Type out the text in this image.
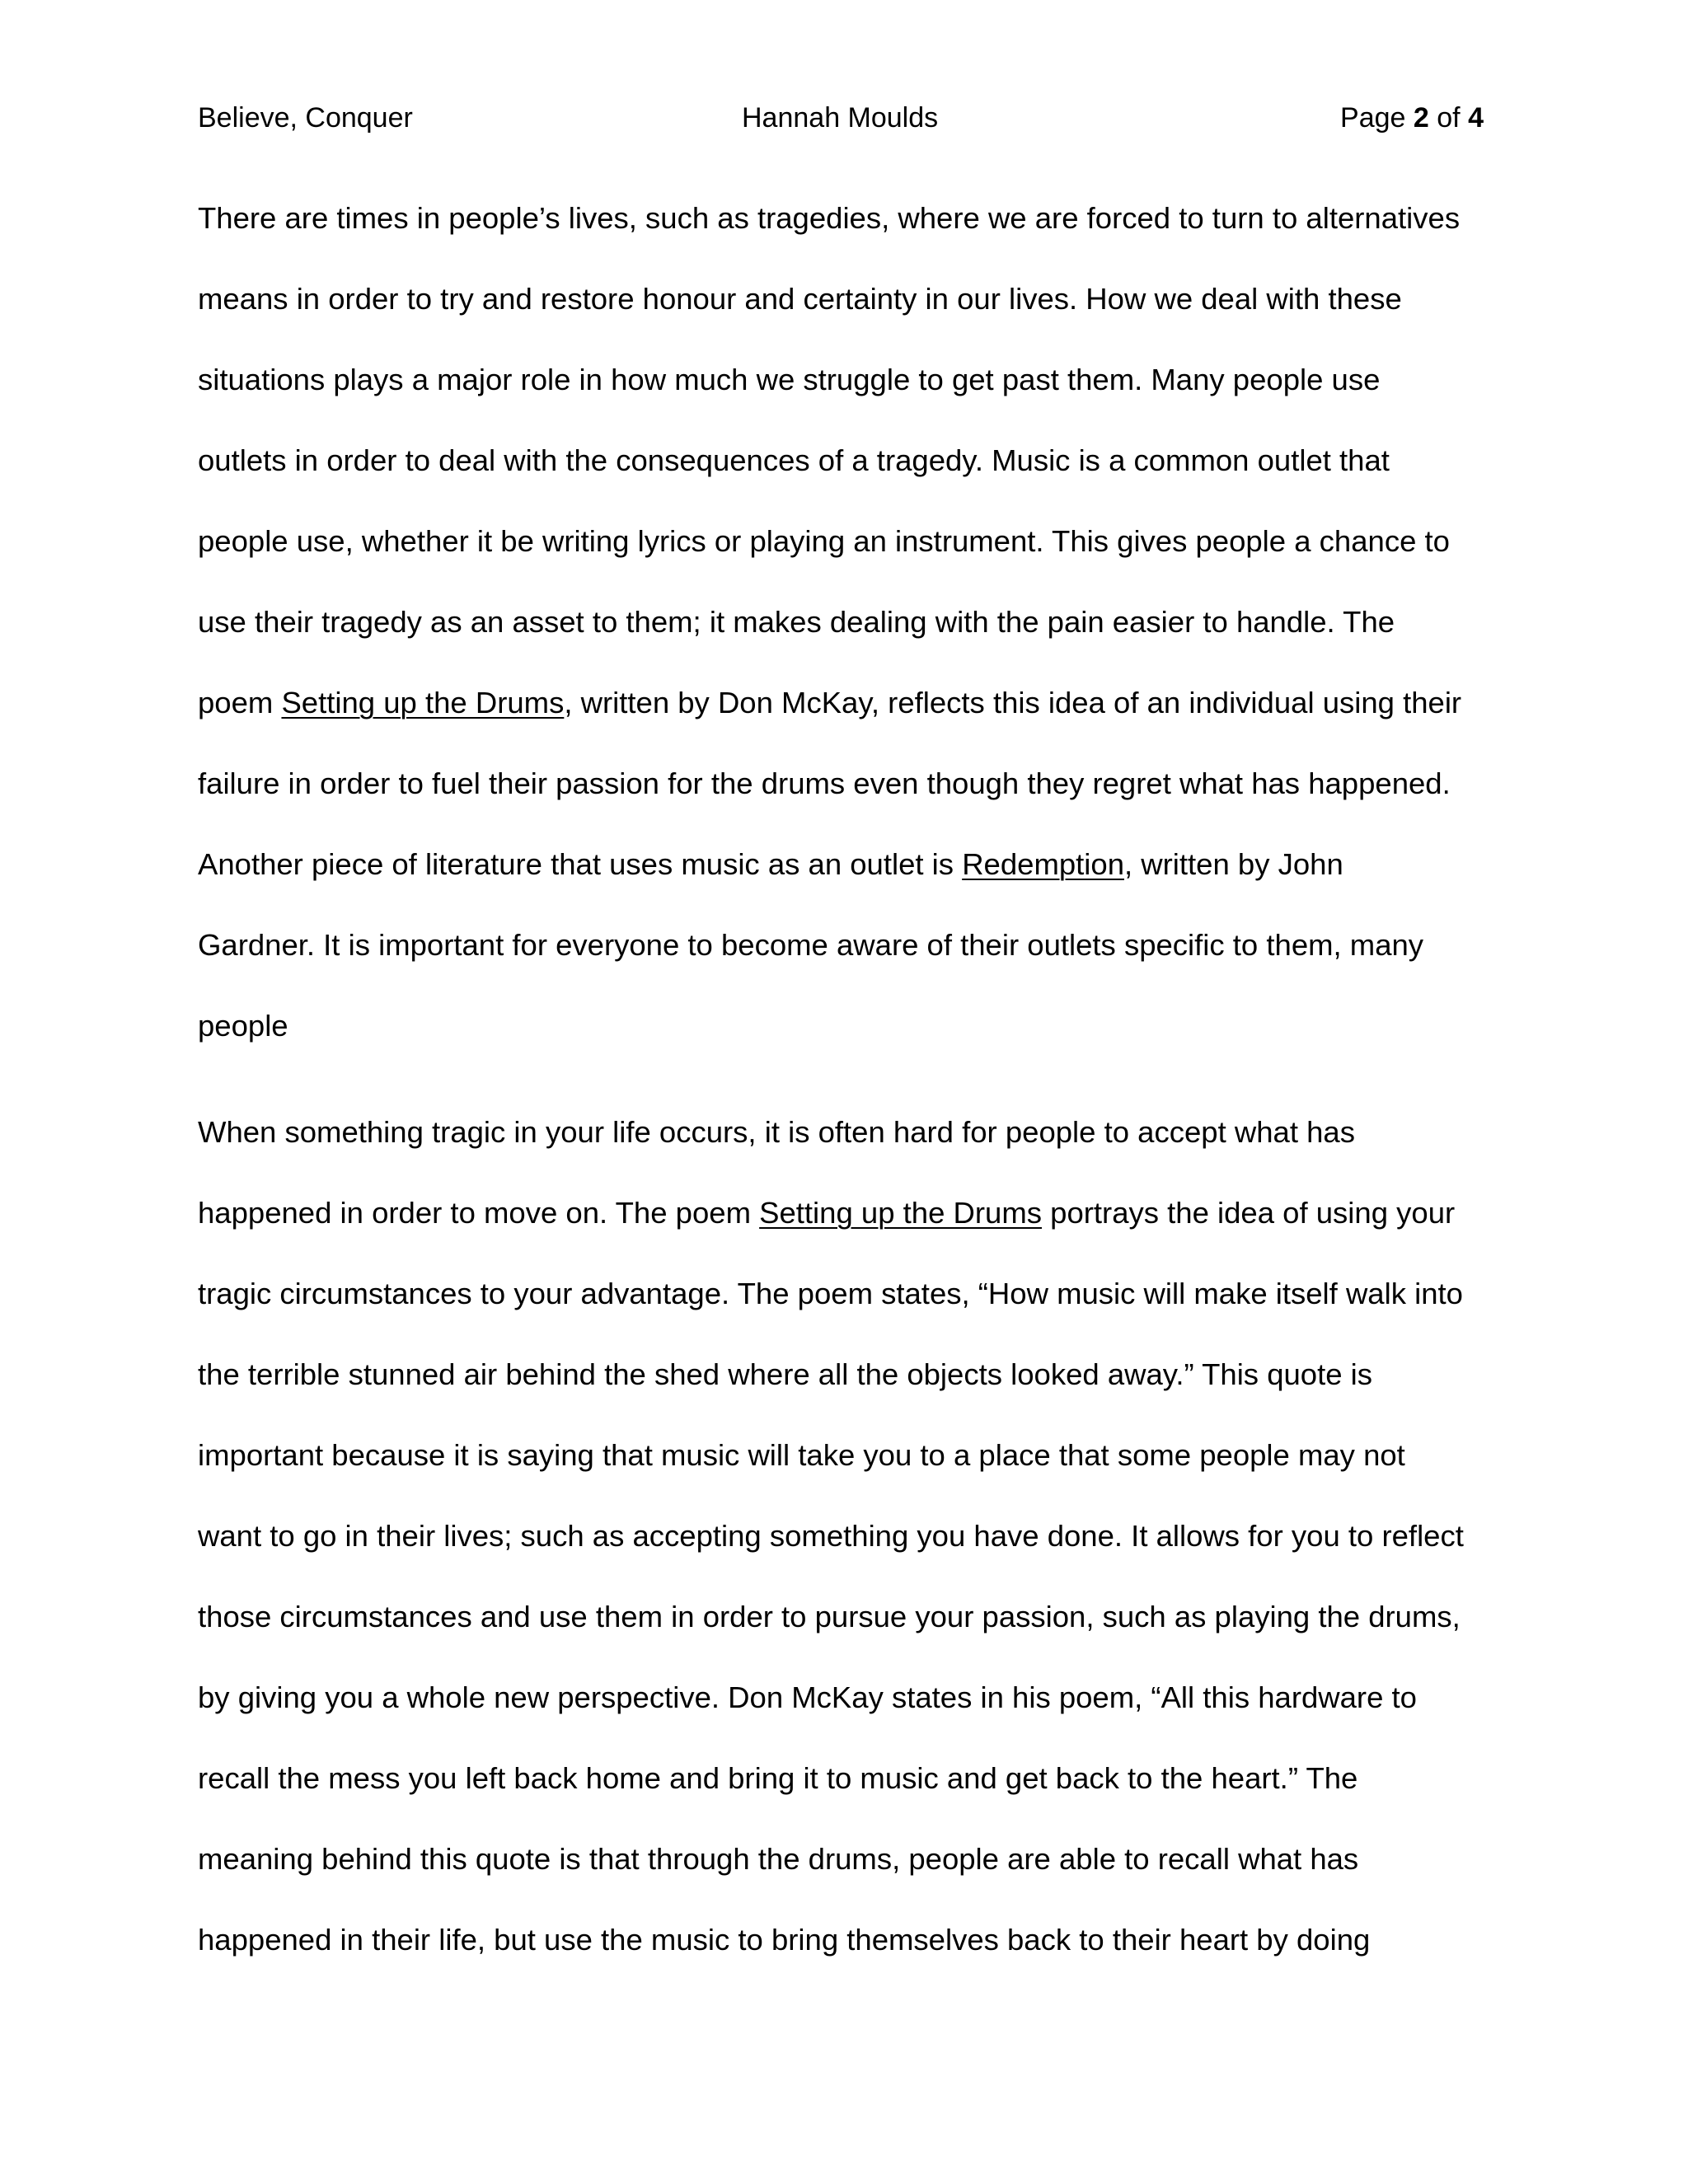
Believe, Conquer	Hannah Moulds	Page 2 of 4
There are times in people’s lives, such as tragedies, where we are forced to turn to alternatives
means in order to try and restore honour and certainty in our lives. How we deal with these
situations plays a major role in how much we struggle to get past them. Many people use
outlets in order to deal with the consequences of a tragedy. Music is a common outlet that
people use, whether it be writing lyrics or playing an instrument. This gives people a chance to
use their tragedy as an asset to them; it makes dealing with the pain easier to handle. The
poem Setting up the Drums, written by Don McKay, reflects this idea of an individual using their
failure in order to fuel their passion for the drums even though they regret what has happened.
Another piece of literature that uses music as an outlet is Redemption, written by John
Gardner. It is important for everyone to become aware of their outlets specific to them, many
people
When something tragic in your life occurs, it is often hard for people to accept what has
happened in order to move on. The poem Setting up the Drums portrays the idea of using your
tragic circumstances to your advantage. The poem states, “How music will make itself walk into
the terrible stunned air behind the shed where all the objects looked away.” This quote is
important because it is saying that music will take you to a place that some people may not
want to go in their lives; such as accepting something you have done. It allows for you to reflect
those circumstances and use them in order to pursue your passion, such as playing the drums,
by giving you a whole new perspective. Don McKay states in his poem, “All this hardware to
recall the mess you left back home and bring it to music and get back to the heart.” The
meaning behind this quote is that through the drums, people are able to recall what has
happened in their life, but use the music to bring themselves back to their heart by doing
